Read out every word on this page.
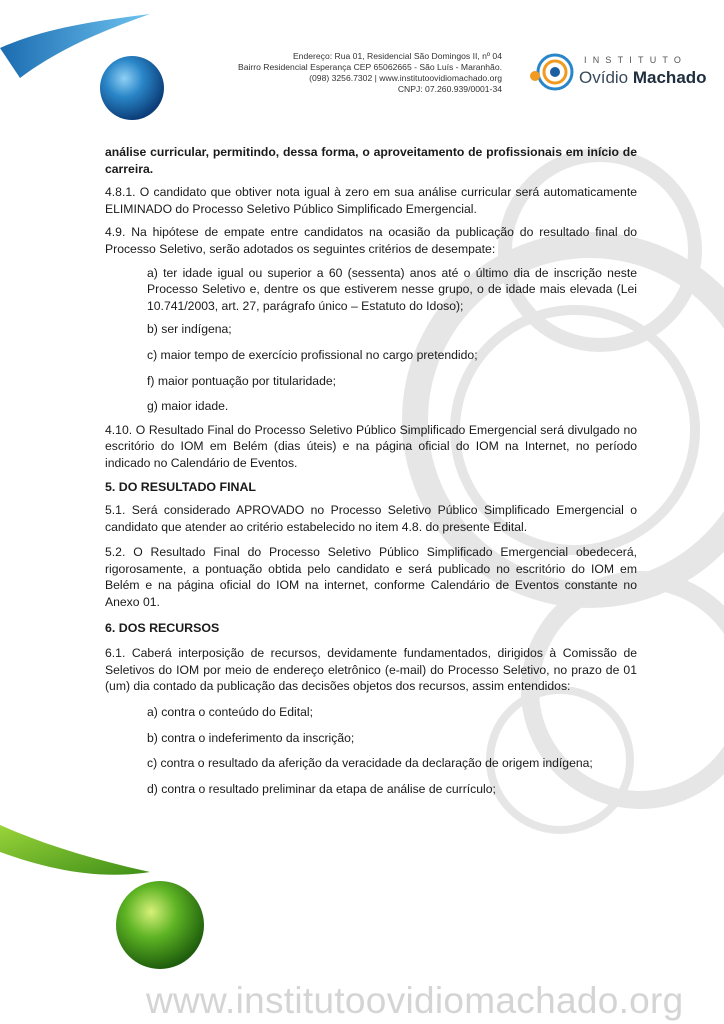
Endereço: Rua 01, Residencial São Domingos II, nº 04
Bairro Residencial Esperança CEP 65062665 - São Luís - Maranhão.
(098) 3256.7302 | www.institutoovidiomachado.org
CNPJ: 07.260.939/0001-34
INSTITUTO
Ovídio Machado

análise curricular, permitindo, dessa forma, o aproveitamento de profissionais em início de carreira.

4.8.1. O candidato que obtiver nota igual à zero em sua análise curricular será automaticamente ELIMINADO do Processo Seletivo Público Simplificado Emergencial.

4.9. Na hipótese de empate entre candidatos na ocasião da publicação do resultado final do Processo Seletivo, serão adotados os seguintes critérios de desempate:

a) ter idade igual ou superior a 60 (sessenta) anos até o último dia de inscrição neste Processo Seletivo e, dentre os que estiverem nesse grupo, o de idade mais elevada (Lei 10.741/2003, art. 27, parágrafo único – Estatuto do Idoso);

b) ser indígena;

c) maior tempo de exercício profissional no cargo pretendido;

f) maior pontuação por titularidade;

g) maior idade.

4.10. O Resultado Final do Processo Seletivo Público Simplificado Emergencial será divulgado no escritório do IOM em Belém (dias úteis) e na página oficial do IOM na Internet, no período indicado no Calendário de Eventos.

5. DO RESULTADO FINAL

5.1. Será considerado APROVADO no Processo Seletivo Público Simplificado Emergencial o candidato que atender ao critério estabelecido no item 4.8. do presente Edital.

5.2. O Resultado Final do Processo Seletivo Público Simplificado Emergencial obedecerá, rigorosamente, a pontuação obtida pelo candidato e será publicado no escritório do IOM em Belém e na página oficial do IOM na internet, conforme Calendário de Eventos constante no Anexo 01.

6. DOS RECURSOS

6.1. Caberá interposição de recursos, devidamente fundamentados, dirigidos à Comissão de Seletivos do IOM por meio de endereço eletrônico (e-mail) do Processo Seletivo, no prazo de 01 (um) dia contado da publicação das decisões objetos dos recursos, assim entendidos:

a) contra o conteúdo do Edital;

b) contra o indeferimento da inscrição;

c) contra o resultado da aferição da veracidade da declaração de origem indígena;

d) contra o resultado preliminar da etapa de análise de currículo;

www.institutoovidiomachado.org
